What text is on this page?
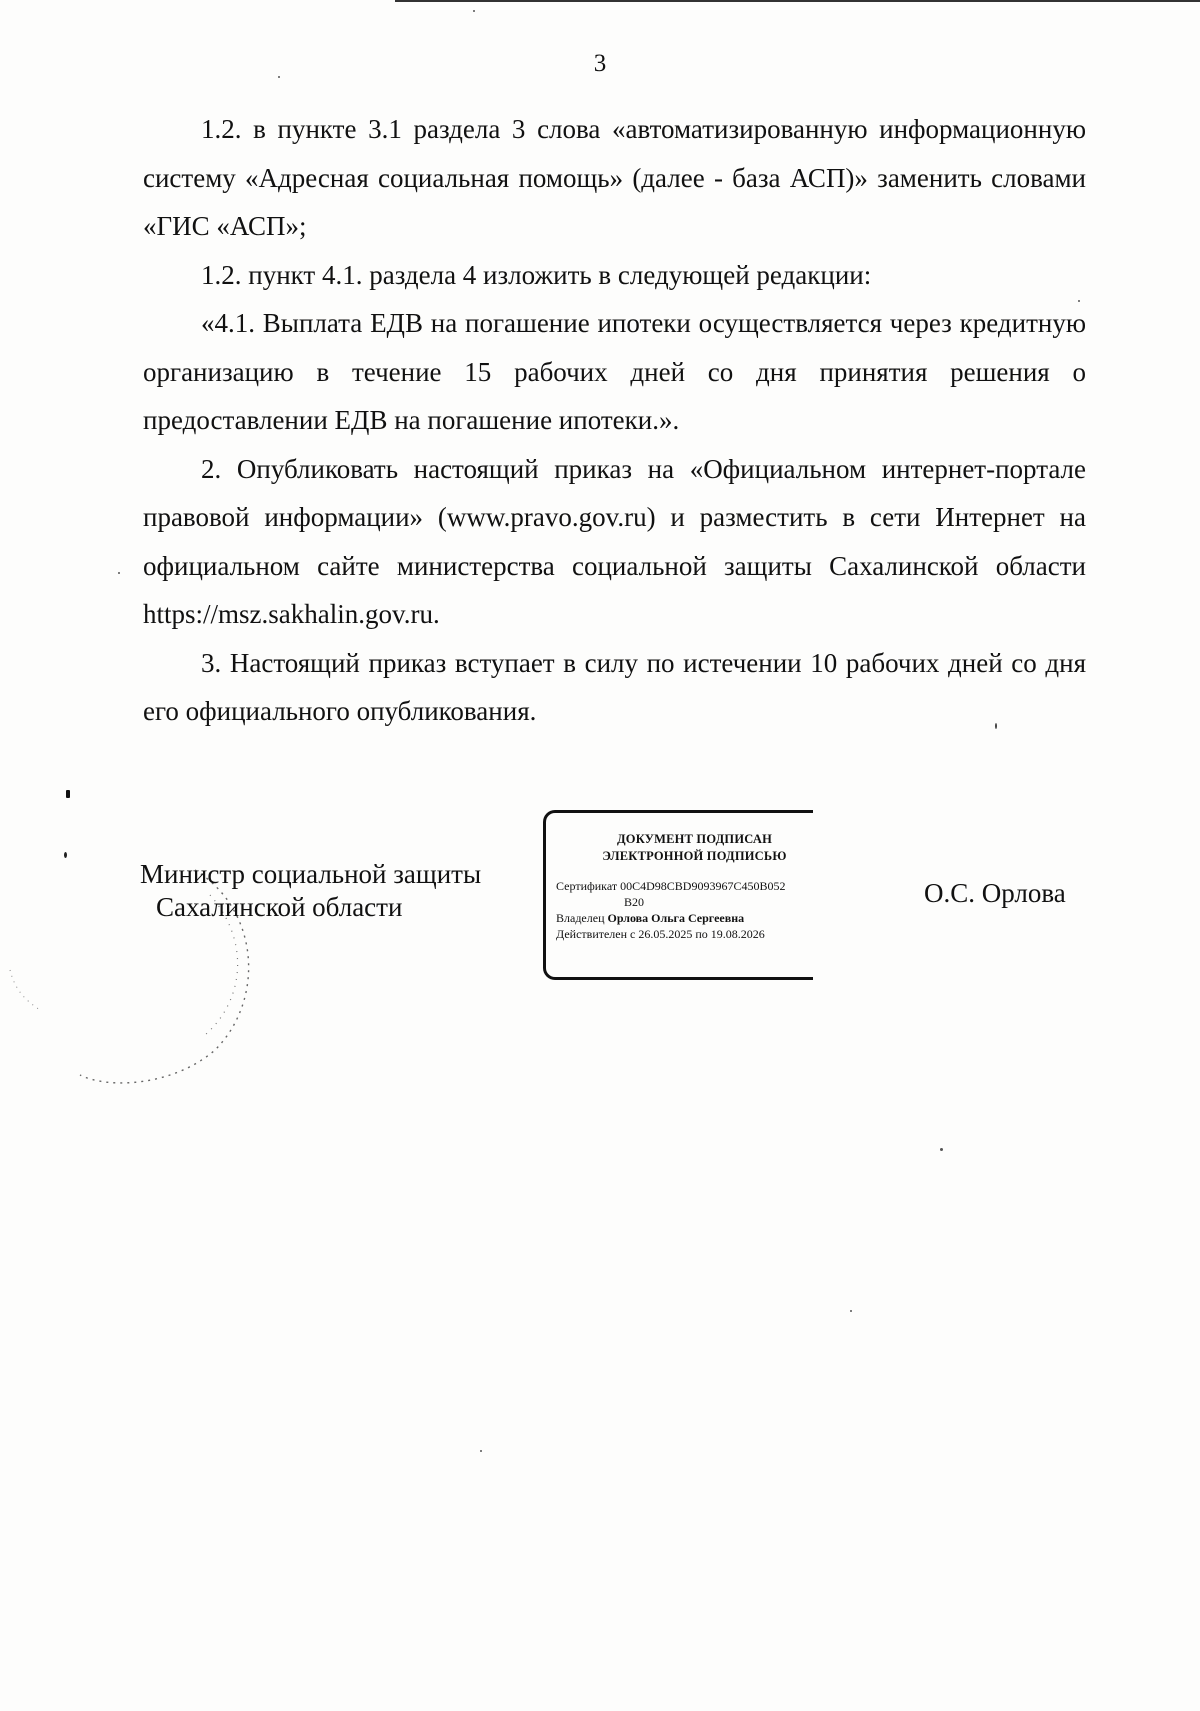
3

1.2. в пункте 3.1 раздела 3 слова «автоматизированную информационную систему «Адресная социальная помощь» (далее - база АСП)» заменить словами «ГИС «АСП»;

1.2. пункт 4.1. раздела 4 изложить в следующей редакции:

«4.1. Выплата ЕДВ на погашение ипотеки осуществляется через кредитную организацию в течение 15 рабочих дней со дня принятия решения о предоставлении ЕДВ на погашение ипотеки.».

2. Опубликовать настоящий приказ на «Официальном интернет-портале правовой информации» (www.pravo.gov.ru) и разместить в сети Интернет на официальном сайте министерства социальной защиты Сахалинской области https://msz.sakhalin.gov.ru.

3. Настоящий приказ вступает в силу по истечении 10 рабочих дней со дня его официального опубликования.

Министр социальной защиты
Сахалинской области
ДОКУМЕНТ ПОДПИСАН
ЭЛЕКТРОННОЙ ПОДПИСЬЮ
Сертификат 00C4D98CBD9093967C450B052
B20
Владелец Орлова Ольга Сергеевна
Действителен с 26.05.2025 по 19.08.2026
О.С. Орлова
